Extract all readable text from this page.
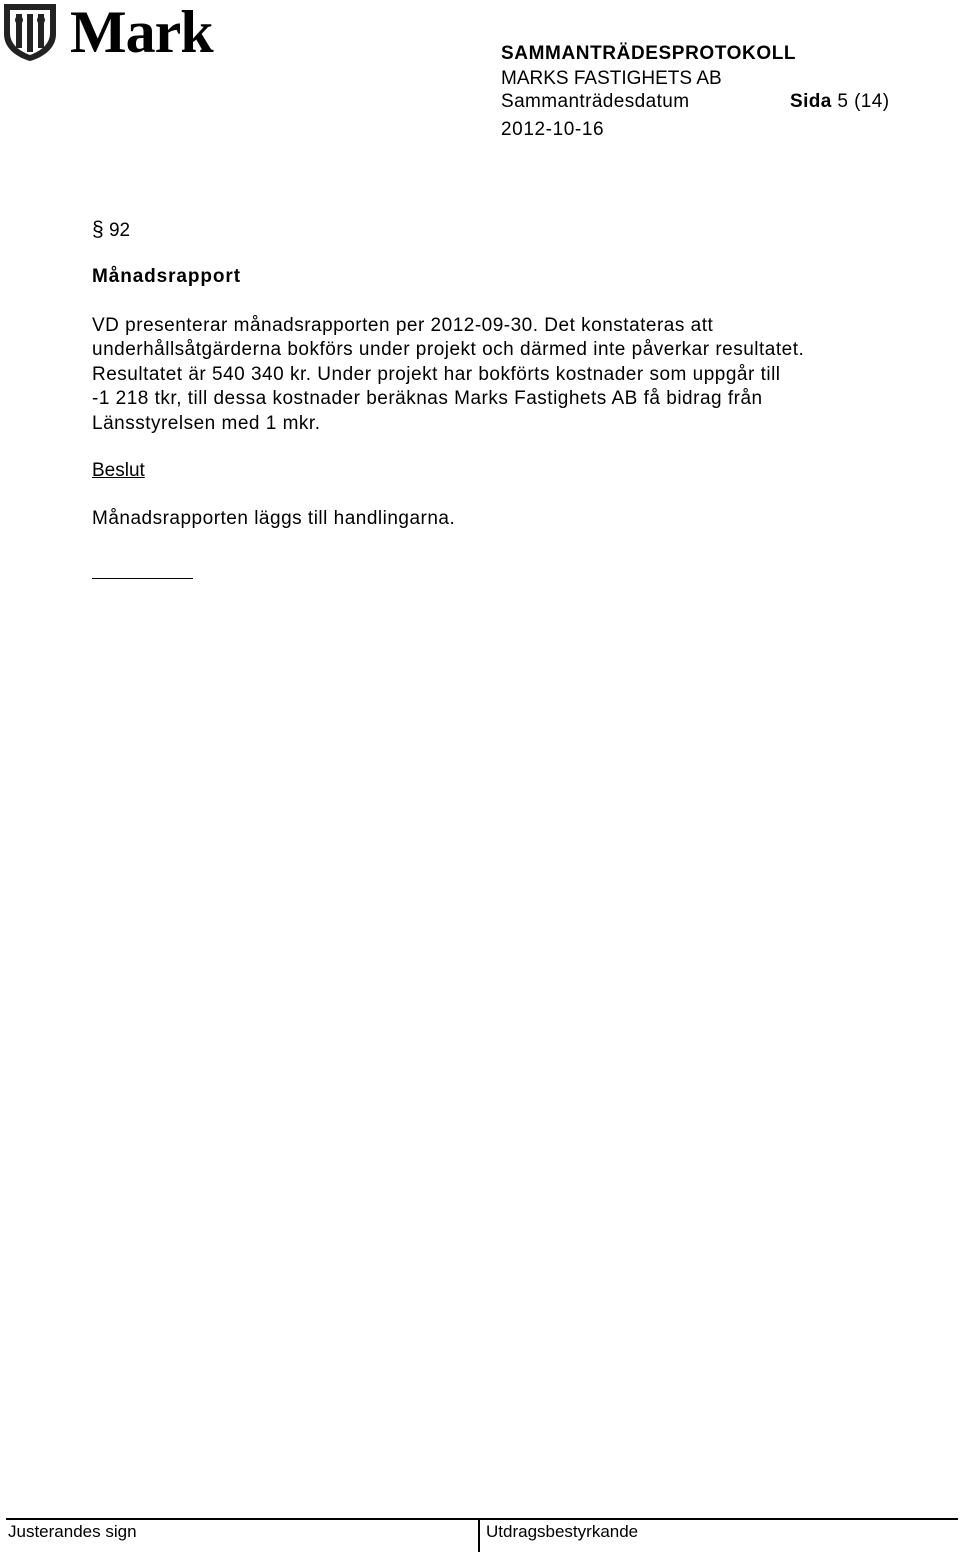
Mark	SAMMANTRÄDESPROTOKOLL
MARKS FASTIGHETS AB
Sammanträdesdatum	Sida 5 (14)
2012-10-16
§ 92
Månadsrapport
VD presenterar månadsrapporten per 2012-09-30. Det konstateras att
underhållsåtgärderna bokförs under projekt och därmed inte påverkar resultatet.
Resultatet är 540 340 kr. Under projekt har bokförts kostnader som uppgår till
-1 218 tkr, till dessa kostnader beräknas Marks Fastighets AB få bidrag från
Länsstyrelsen med 1 mkr.
Beslut
Månadsrapporten läggs till handlingarna.
Justerandes sign	Utdragsbestyrkande
